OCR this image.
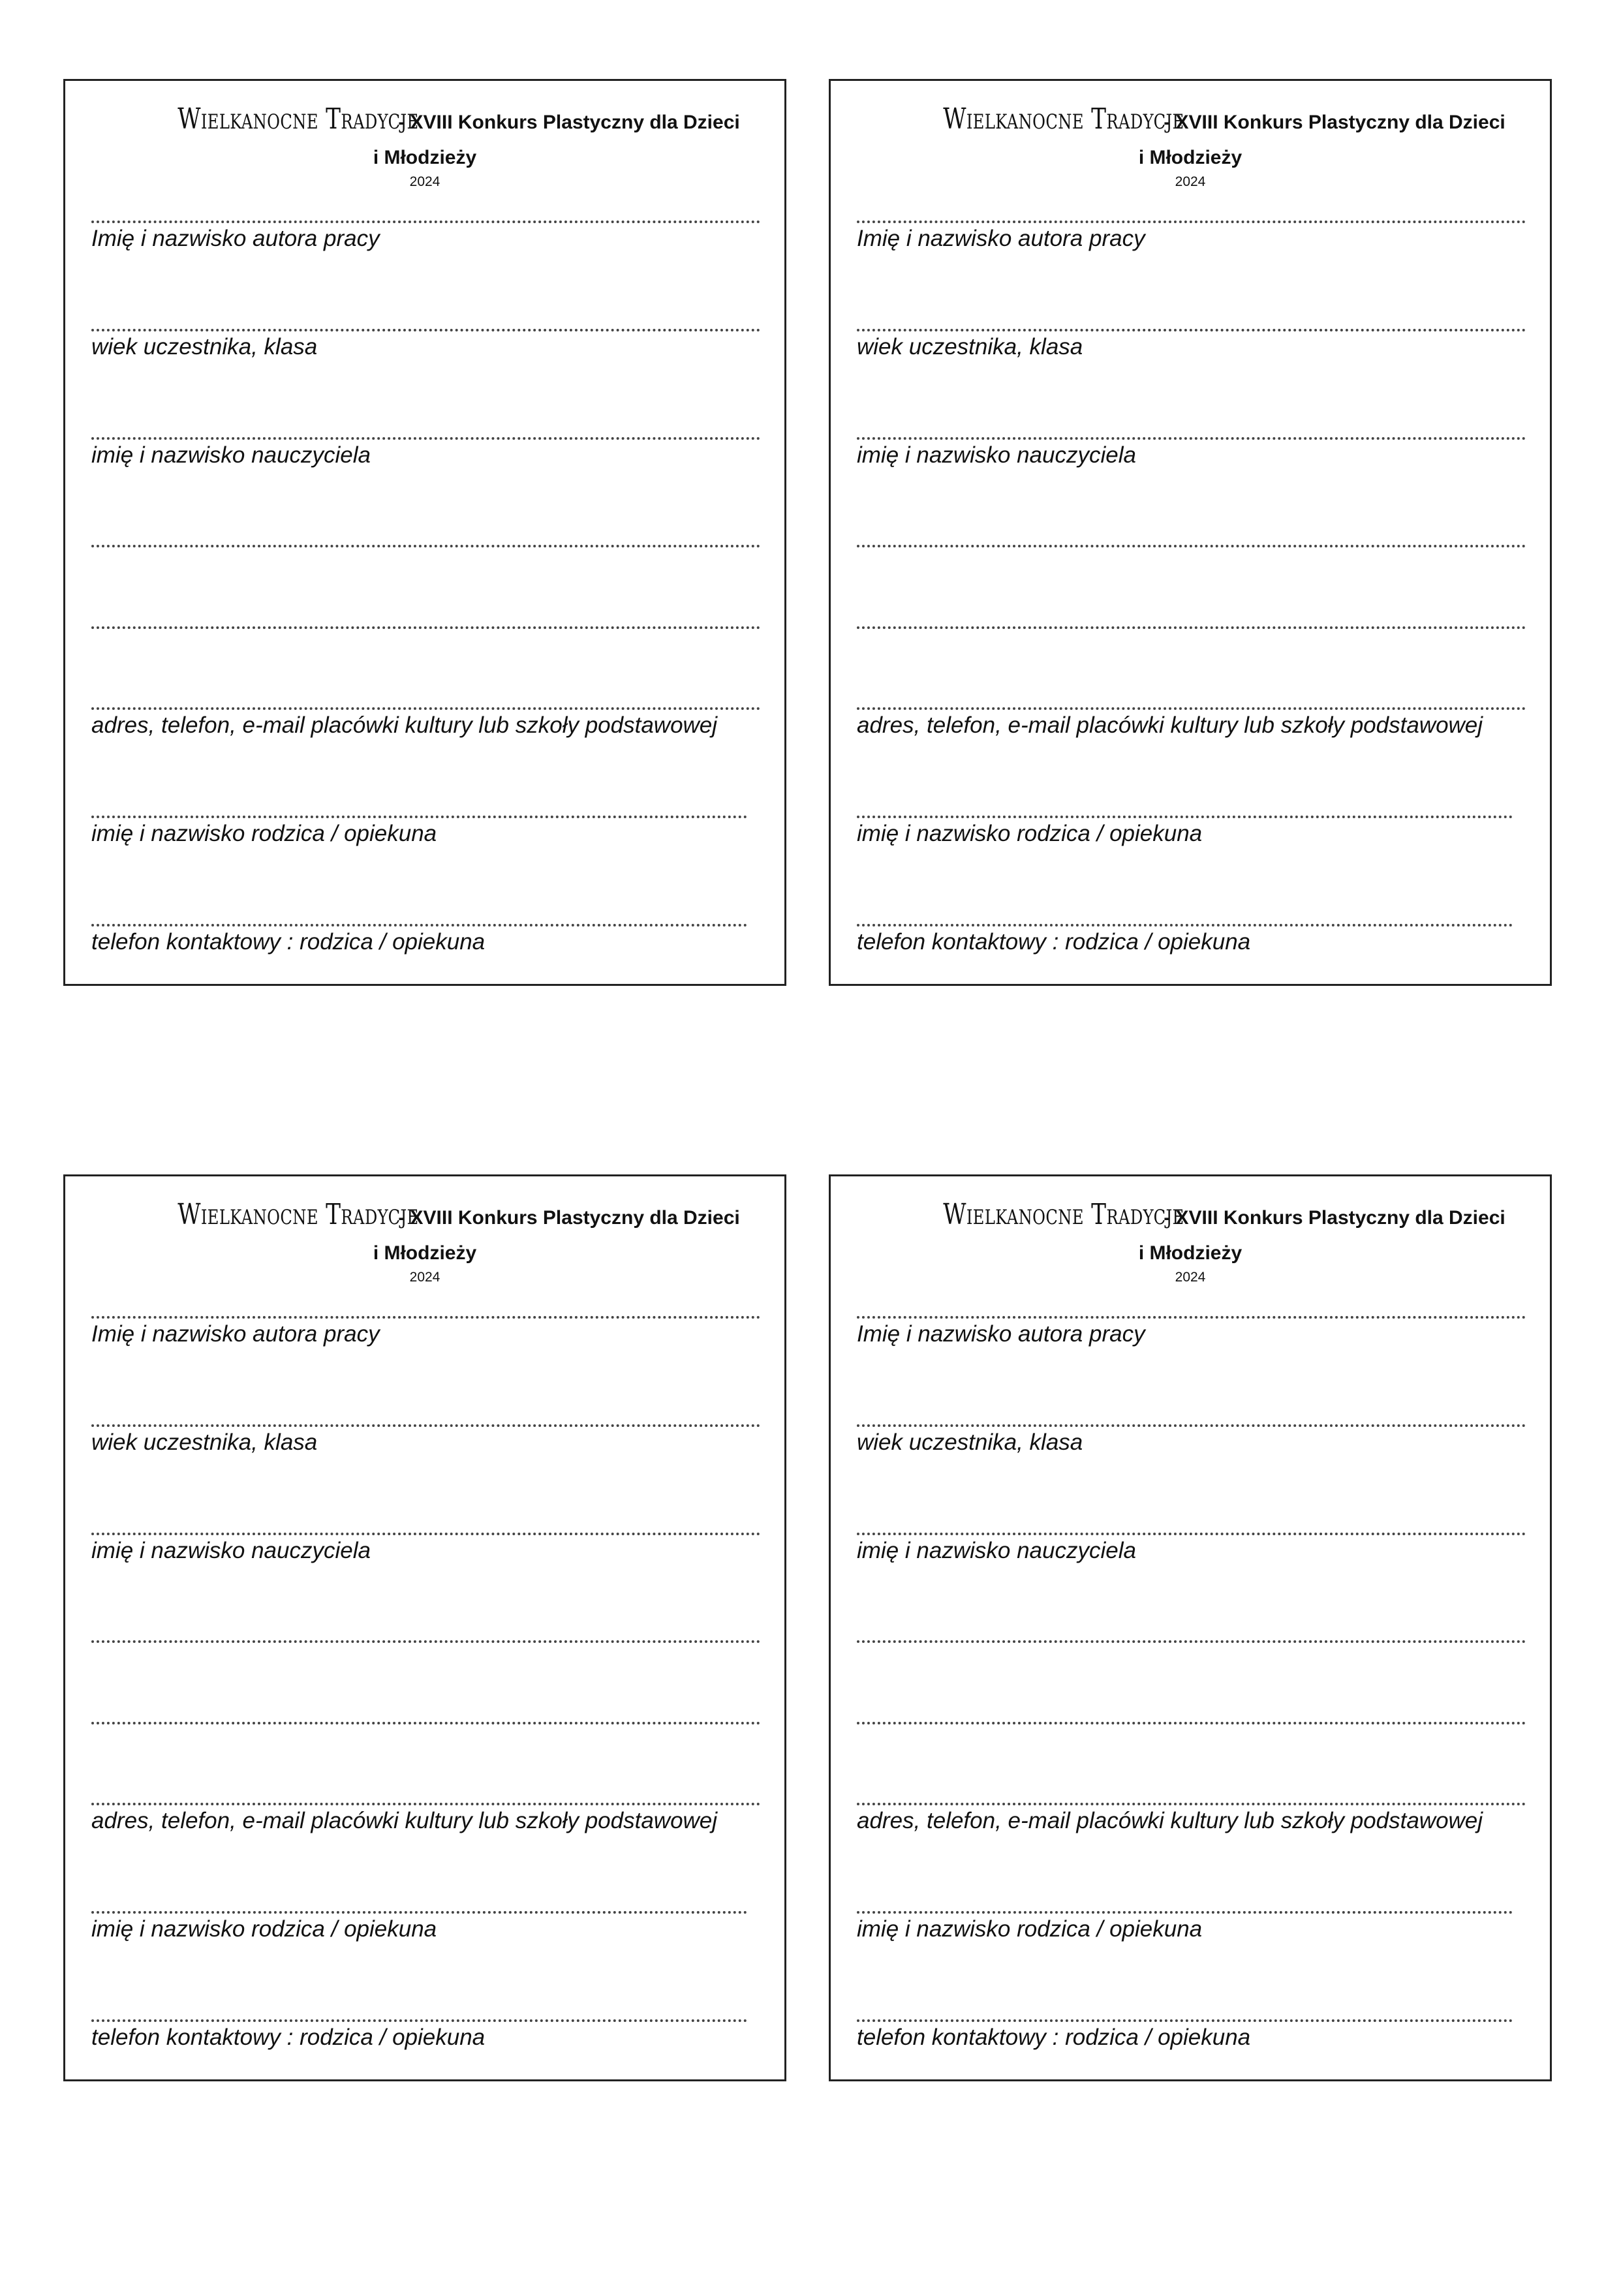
Wielkanocne Tradycje - XVIII Konkurs Plastyczny dla Dzieci
i Młodzieży
2024
Imię i nazwisko autora pracy
wiek uczestnika, klasa
imię i nazwisko nauczyciela
adres, telefon, e-mail placówki kultury lub szkoły podstawowej
imię i nazwisko rodzica / opiekuna
telefon kontaktowy : rodzica / opiekuna
Wielkanocne Tradycje - XVIII Konkurs Plastyczny dla Dzieci
i Młodzieży
2024
Imię i nazwisko autora pracy
wiek uczestnika, klasa
imię i nazwisko nauczyciela
adres, telefon, e-mail placówki kultury lub szkoły podstawowej
imię i nazwisko rodzica / opiekuna
telefon kontaktowy : rodzica / opiekuna
Wielkanocne Tradycje - XVIII Konkurs Plastyczny dla Dzieci
i Młodzieży
2024
Imię i nazwisko autora pracy
wiek uczestnika, klasa
imię i nazwisko nauczyciela
adres, telefon, e-mail placówki kultury lub szkoły podstawowej
imię i nazwisko rodzica / opiekuna
telefon kontaktowy : rodzica / opiekuna
Wielkanocne Tradycje - XVIII Konkurs Plastyczny dla Dzieci
i Młodzieży
2024
Imię i nazwisko autora pracy
wiek uczestnika, klasa
imię i nazwisko nauczyciela
adres, telefon, e-mail placówki kultury lub szkoły podstawowej
imię i nazwisko rodzica / opiekuna
telefon kontaktowy : rodzica / opiekuna
